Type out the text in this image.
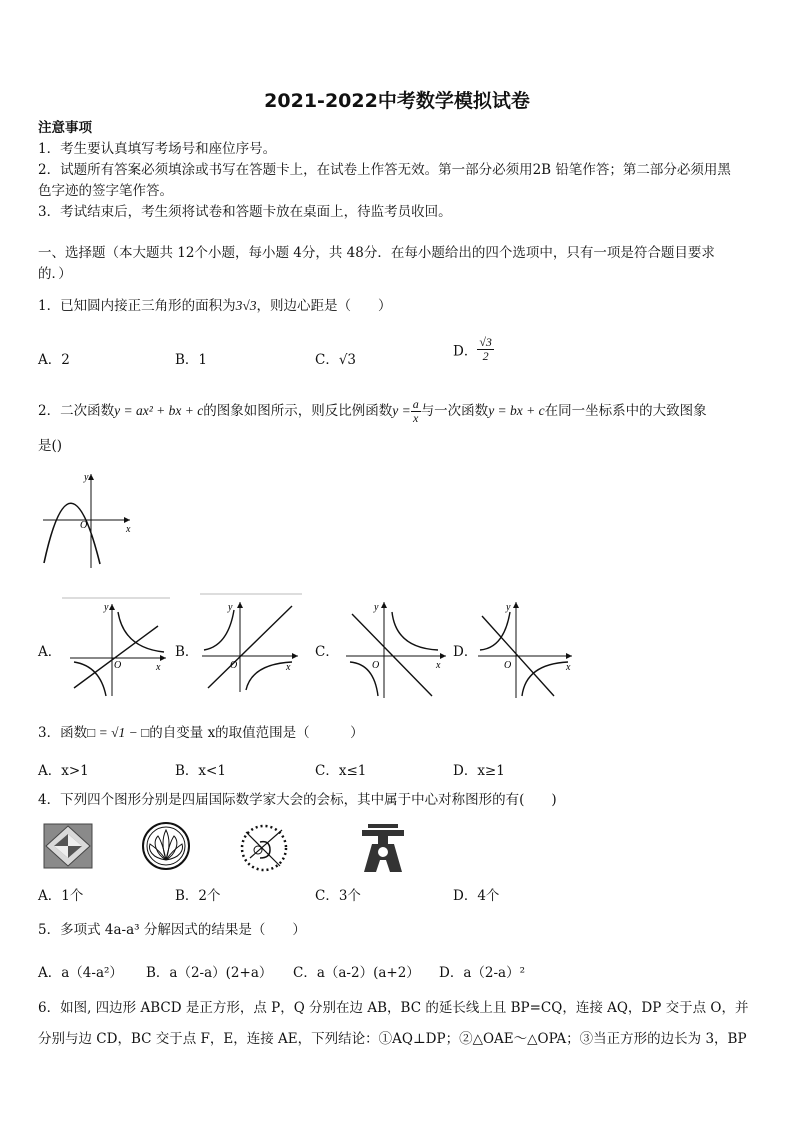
2021-2022中考数学模拟试卷
注意事项
1．考生要认真填写考场号和座位序号。
2．试题所有答案必须填涂或书写在答题卡上，在试卷上作答无效。第一部分必须用2B 铅笔作答；第二部分必须用黑
色字迹的签字笔作答。
3．考试结束后，考生须将试卷和答题卡放在桌面上，待监考员收回。
一、选择题（本大题共 12个小题，每小题 4分，共 48分．在每小题给出的四个选项中，只有一项是符合题目要求
的．）
1．已知圆内接正三角形的面积为3√3，则边心距是（　　）
A．2	B．1	C．√3
D． $\frac{√3}{2}$
2．二次函数y = ax² + bx + c的图象如图所示，则反比例函数$y = \frac{a}{x}$ 与一次函数y = bx + c在同一坐标系中的大致图象
是()
x
y
O
A．
x
y
O
B．
x
y
O
C．
x
y
O
D．
x
y
O
3．函数□ = √1 − □的自变量 x的取值范围是（　　　）
A．x>1	B．x<1	C．x≤1	D．x≥1
4．下列四个图形分别是四届国际数学家大会的会标，其中属于中心对称图形的有(　　)
A．1个	B．2个	C．3个	D．4个
5．多项式 4a-a³ 分解因式的结果是（　　）
A．a（4-a²） B．a（2-a）(2+a） C．a（a-2）(a+2） D．a（2-a）²
6．如图, 四边形 ABCD 是正方形，点 P，Q 分别在边 AB，BC 的延长线上且 BP=CQ，连接 AQ，DP 交于点 O，并
分别与边 CD，BC 交于点 F，E，连接 AE，下列结论：①AQ⊥DP；②△OAE～△OPA；③当正方形的边长为 3，BP
